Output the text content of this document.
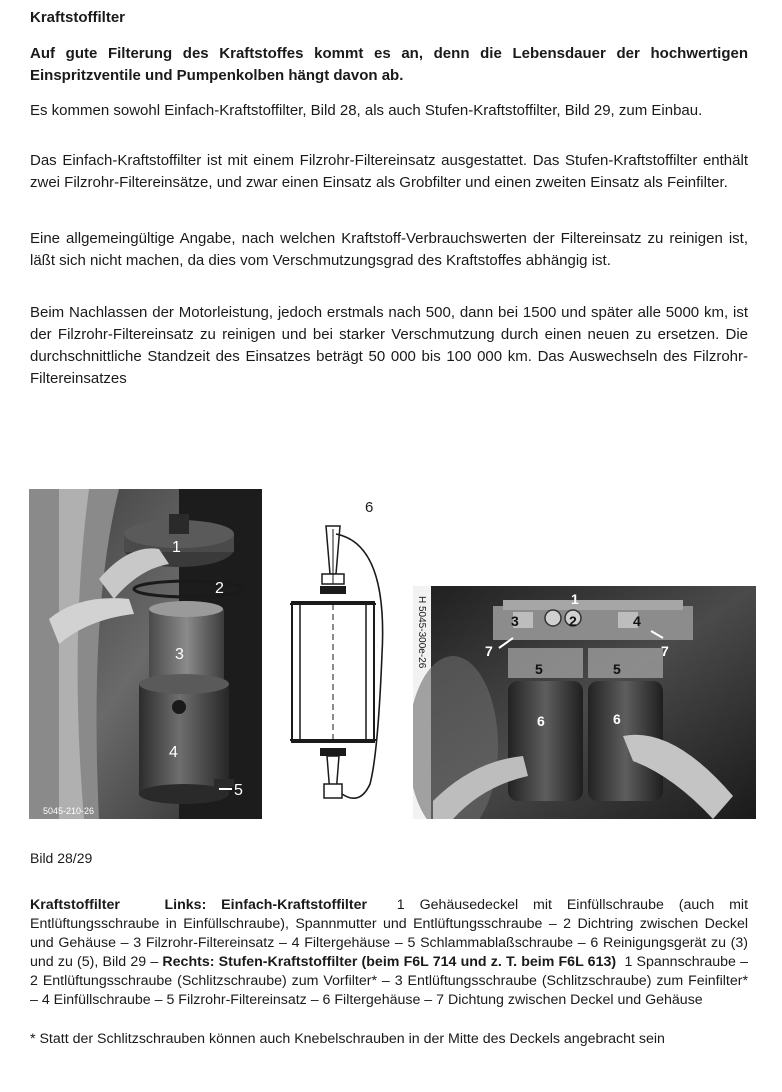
Kraftstoffilter
Auf gute Filterung des Kraftstoffes kommt es an, denn die Lebensdauer der hochwertigen Einspritzventile und Pumpenkolben hängt davon ab.
Es kommen sowohl Einfach-Kraftstoffilter, Bild 28, als auch Stufen-Kraftstoffilter, Bild 29, zum Einbau.
Das Einfach-Kraftstoffilter ist mit einem Filzrohr-Filtereinsatz ausgestattet. Das Stufen-Kraftstoffilter enthält zwei Filzrohr-Filtereinsätze, und zwar einen Einsatz als Grobfilter und einen zweiten Einsatz als Feinfilter.
Eine allgemeingültige Angabe, nach welchen Kraftstoff-Verbrauchswerten der Filtereinsatz zu reinigen ist, läßt sich nicht machen, da dies vom Verschmutzungsgrad des Kraftstoffes abhängig ist.
Beim Nachlassen der Motorleistung, jedoch erstmals nach 500, dann bei 1500 und später alle 5000 km, ist der Filzrohr-Filtereinsatz zu reinigen und bei starker Verschmutzung durch einen neuen zu ersetzen. Die durchschnittliche Standzeit des Einsatzes beträgt 50 000 bis 100 000 km. Das Auswechseln des Filzrohr-Filtereinsatzes
1
2
3
4
5
5045-210-26
6
H 5045-300e-26	1
2
3	4
5	5
6	6
7	7
Bild 28/29
Kraftstoffilter	Links: Einfach-Kraftstoffilter 1 Gehäusedeckel mit Einfüllschraube (auch mit Entlüftungsschraube in Einfüllschraube), Spannmutter und Entlüftungsschraube – 2 Dichtring zwischen Deckel und Gehäuse – 3 Filzrohr-Filtereinsatz – 4 Filtergehäuse – 5 Schlammablaßschraube – 6 Reinigungsgerät zu (3) und zu (5), Bild 29 – Rechts: Stufen-Kraftstoffilter (beim F6L 714 und z. T. beim F6L 613) 1 Spannschraube – 2 Entlüftungsschraube (Schlitzschraube) zum Vorfilter* – 3 Entlüftungsschraube (Schlitzschraube) zum Feinfilter* – 4 Einfüllschraube – 5 Filzrohr-Filtereinsatz – 6 Filtergehäuse – 7 Dichtung zwischen Deckel und Gehäuse
* Statt der Schlitzschrauben können auch Knebelschrauben in der Mitte des Deckels angebracht sein
